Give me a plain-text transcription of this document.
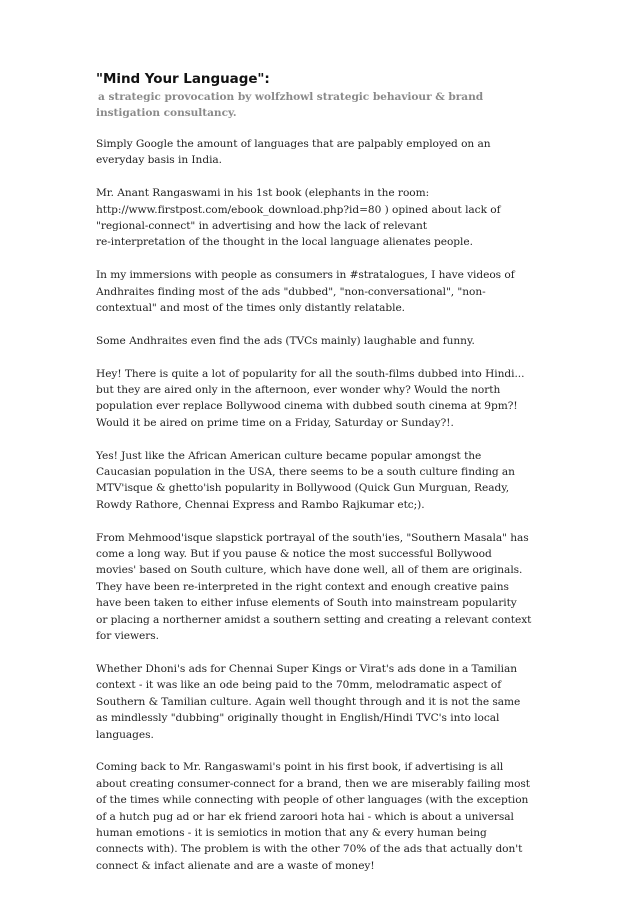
"Mind Your Language":
a strategic provocation by wolfzhowl strategic behaviour & brand
instigation consultancy.
Simply Google the amount of languages that are palpably employed on an
everyday basis in India.
Mr. Anant Rangaswami in his 1st book (elephants in the room:
http://www.firstpost.com/ebook_download.php?id=80 ) opined about lack of
"regional-connect" in advertising and how the lack of relevant
re-interpretation of the thought in the local language alienates people.
In my immersions with people as consumers in #stratalogues, I have videos of
Andhraites finding most of the ads "dubbed", "non-conversational", "non-
contextual" and most of the times only distantly relatable.
Some Andhraites even find the ads (TVCs mainly) laughable and funny.
Hey! There is quite a lot of popularity for all the south-films dubbed into Hindi...
but they are aired only in the afternoon, ever wonder why? Would the north
population ever replace Bollywood cinema with dubbed south cinema at 9pm?!
Would it be aired on prime time on a Friday, Saturday or Sunday?!.
Yes! Just like the African American culture became popular amongst the
Caucasian population in the USA, there seems to be a south culture finding an
MTV'isque & ghetto'ish popularity in Bollywood (Quick Gun Murguan, Ready,
Rowdy Rathore, Chennai Express and Rambo Rajkumar etc;).
From Mehmood'isque slapstick portrayal of the south'ies, "Southern Masala" has
come a long way. But if you pause & notice the most successful Bollywood
movies' based on South culture, which have done well, all of them are originals.
They have been re-interpreted in the right context and enough creative pains
have been taken to either infuse elements of South into mainstream popularity
or placing a northerner amidst a southern setting and creating a relevant context
for viewers.
Whether Dhoni's ads for Chennai Super Kings or Virat's ads done in a Tamilian
context - it was like an ode being paid to the 70mm, melodramatic aspect of
Southern & Tamilian culture. Again well thought through and it is not the same
as mindlessly "dubbing" originally thought in English/Hindi TVC's into local
languages.
Coming back to Mr. Rangaswami's point in his first book, if advertising is all
about creating consumer-connect for a brand, then we are miserably failing most
of the times while connecting with people of other languages (with the exception
of a hutch pug ad or har ek friend zaroori hota hai - which is about a universal
human emotions - it is semiotics in motion that any & every human being
connects with). The problem is with the other 70% of the ads that actually don't
connect & infact alienate and are a waste of money!
